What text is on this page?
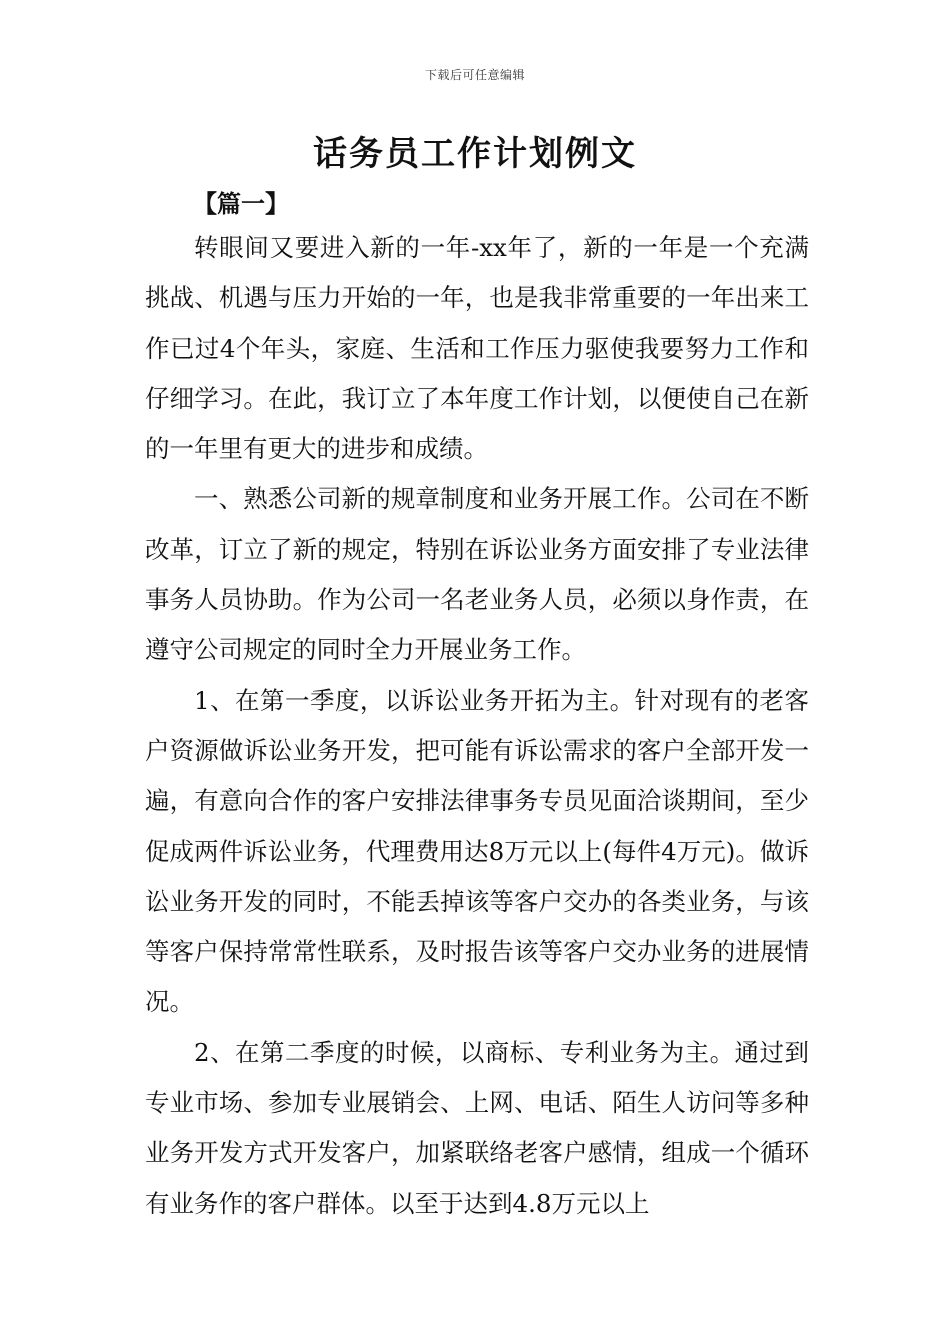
下载后可任意编辑
话务员工作计划例文
【篇一】

转眼间又要进入新的一年-xx年了，新的一年是一个充满挑战、机遇与压力开始的一年，也是我非常重要的一年出来工作已过4个年头，家庭、生活和工作压力驱使我要努力工作和仔细学习。在此，我订立了本年度工作计划，以便使自己在新的一年里有更大的进步和成绩。

一、熟悉公司新的规章制度和业务开展工作。公司在不断改革，订立了新的规定，特别在诉讼业务方面安排了专业法律事务人员协助。作为公司一名老业务人员，必须以身作责，在遵守公司规定的同时全力开展业务工作。

1、在第一季度，以诉讼业务开拓为主。针对现有的老客户资源做诉讼业务开发，把可能有诉讼需求的客户全部开发一遍，有意向合作的客户安排法律事务专员见面洽谈期间，至少促成两件诉讼业务，代理费用达8万元以上(每件4万元)。做诉讼业务开发的同时，不能丢掉该等客户交办的各类业务，与该等客户保持常常性联系，及时报告该等客户交办业务的进展情况。

2、在第二季度的时候，以商标、专利业务为主。通过到专业市场、参加专业展销会、上网、电话、陌生人访问等多种业务开发方式开发客户，加紧联络老客户感情，组成一个循环有业务作的客户群体。以至于达到4.8万元以上
